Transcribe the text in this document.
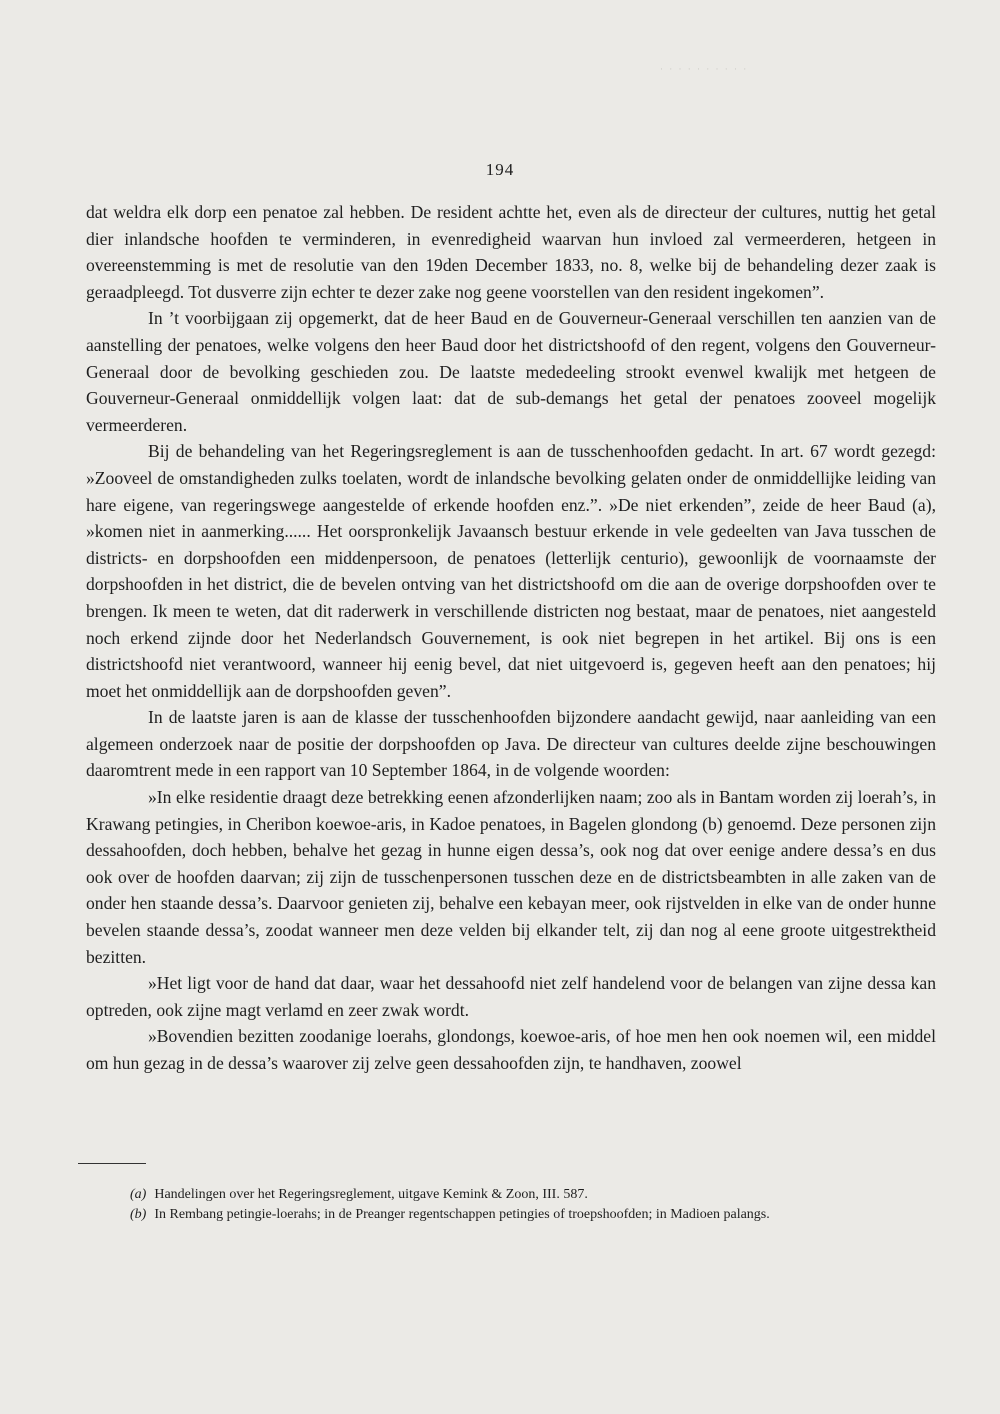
· · · · · · · · · ·
194

dat weldra elk dorp een penatoe zal hebben. De resident achtte het, even als de directeur der cultures, nuttig het getal dier inlandsche hoofden te verminderen, in evenredigheid waarvan hun invloed zal vermeerderen, hetgeen in overeenstemming is met de resolutie van den 19den December 1833, no. 8, welke bij de behandeling dezer zaak is geraadpleegd. Tot dusverre zijn echter te dezer zake nog geene voorstellen van den resident ingekomen”.

In ’t voorbijgaan zij opgemerkt, dat de heer Baud en de Gouverneur-Generaal verschillen ten aanzien van de aanstelling der penatoes, welke volgens den heer Baud door het districtshoofd of den regent, volgens den Gouverneur-Generaal door de bevolking geschieden zou. De laatste mededeeling strookt evenwel kwalijk met hetgeen de Gouverneur-Generaal onmiddellijk volgen laat: dat de sub-demangs het getal der penatoes zooveel mogelijk vermeerderen.

Bij de behandeling van het Regeringsreglement is aan de tusschenhoofden gedacht. In art. 67 wordt gezegd: »Zooveel de omstandigheden zulks toelaten, wordt de inlandsche bevolking gelaten onder de onmiddellijke leiding van hare eigene, van regeringswege aangestelde of erkende hoofden enz.”. »De niet erkenden”, zeide de heer Baud (a), »komen niet in aanmerking...... Het oorspronkelijk Javaansch bestuur erkende in vele gedeelten van Java tusschen de districts- en dorpshoofden een middenpersoon, de penatoes (letterlijk centurio), gewoonlijk de voornaamste der dorpshoofden in het district, die de bevelen ontving van het districtshoofd om die aan de overige dorpshoofden over te brengen. Ik meen te weten, dat dit raderwerk in verschillende districten nog bestaat, maar de penatoes, niet aangesteld noch erkend zijnde door het Nederlandsch Gouvernement, is ook niet begrepen in het artikel. Bij ons is een districtshoofd niet verantwoord, wanneer hij eenig bevel, dat niet uitgevoerd is, gegeven heeft aan den penatoes; hij moet het onmiddellijk aan de dorpshoofden geven”.

In de laatste jaren is aan de klasse der tusschenhoofden bijzondere aandacht gewijd, naar aanleiding van een algemeen onderzoek naar de positie der dorpshoofden op Java. De directeur van cultures deelde zijne beschouwingen daaromtrent mede in een rapport van 10 September 1864, in de volgende woorden:

»In elke residentie draagt deze betrekking eenen afzonderlijken naam; zoo als in Bantam worden zij loerah’s, in Krawang petingies, in Cheribon koewoe-aris, in Kadoe penatoes, in Bagelen glondong (b) genoemd. Deze personen zijn dessahoofden, doch hebben, behalve het gezag in hunne eigen dessa’s, ook nog dat over eenige andere dessa’s en dus ook over de hoofden daarvan; zij zijn de tusschenpersonen tusschen deze en de districtsbeambten in alle zaken van de onder hen staande dessa’s. Daarvoor genieten zij, behalve een kebayan meer, ook rijstvelden in elke van de onder hunne bevelen staande dessa’s, zoodat wanneer men deze velden bij elkander telt, zij dan nog al eene groote uitgestrektheid bezitten.

»Het ligt voor de hand dat daar, waar het dessahoofd niet zelf handelend voor de belangen van zijne dessa kan optreden, ook zijne magt verlamd en zeer zwak wordt.

»Bovendien bezitten zoodanige loerahs, glondongs, koewoe-aris, of hoe men hen ook noemen wil, een middel om hun gezag in de dessa’s waarover zij zelve geen dessahoofden zijn, te handhaven, zoowel

(a) Handelingen over het Regeringsreglement, uitgave Kemink & Zoon, III. 587.

(b) In Rembang petingie-loerahs; in de Preanger regentschappen petingies of troepshoofden; in Madioen palangs.
